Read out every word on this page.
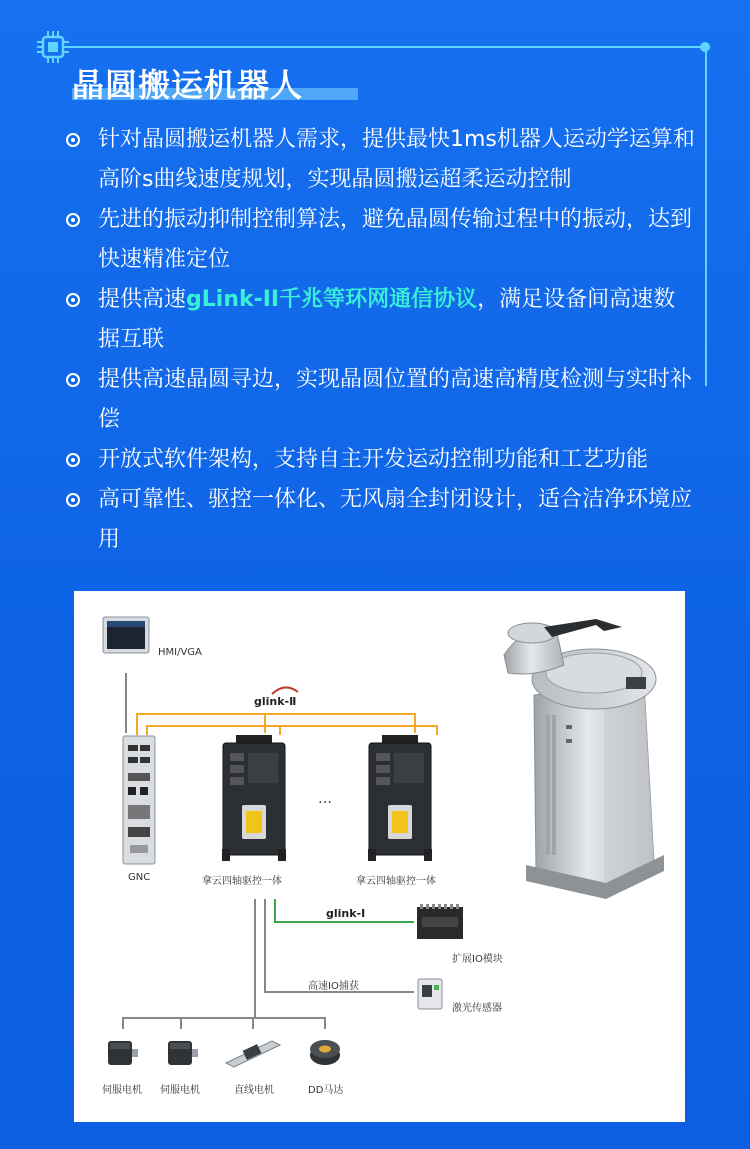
晶圆搬运机器人

针对晶圆搬运机器人需求，提供最快1ms机器人运动学运算和高阶s曲线速度规划，实现晶圆搬运超柔运动控制

先进的振动抑制控制算法，避免晶圆传输过程中的振动，达到快速精准定位

提供高速gLink-II千兆等环网通信协议，满足设备间高速数据互联

提供高速晶圆寻边，实现晶圆位置的高速高精度检测与实时补偿

开放式软件架构，支持自主开发运动控制功能和工艺功能

高可靠性、驱控一体化、无风扇全封闭设计，适合洁净环境应用

HMI/VGA
glink-Ⅱ
GNC	拿云四轴驱控一体
…
拿云四轴驱控一体
glink-Ⅰ
扩展IO模块
高速IO捕获
激光传感器
伺服电机 伺服电机	直线电机	DD马达
